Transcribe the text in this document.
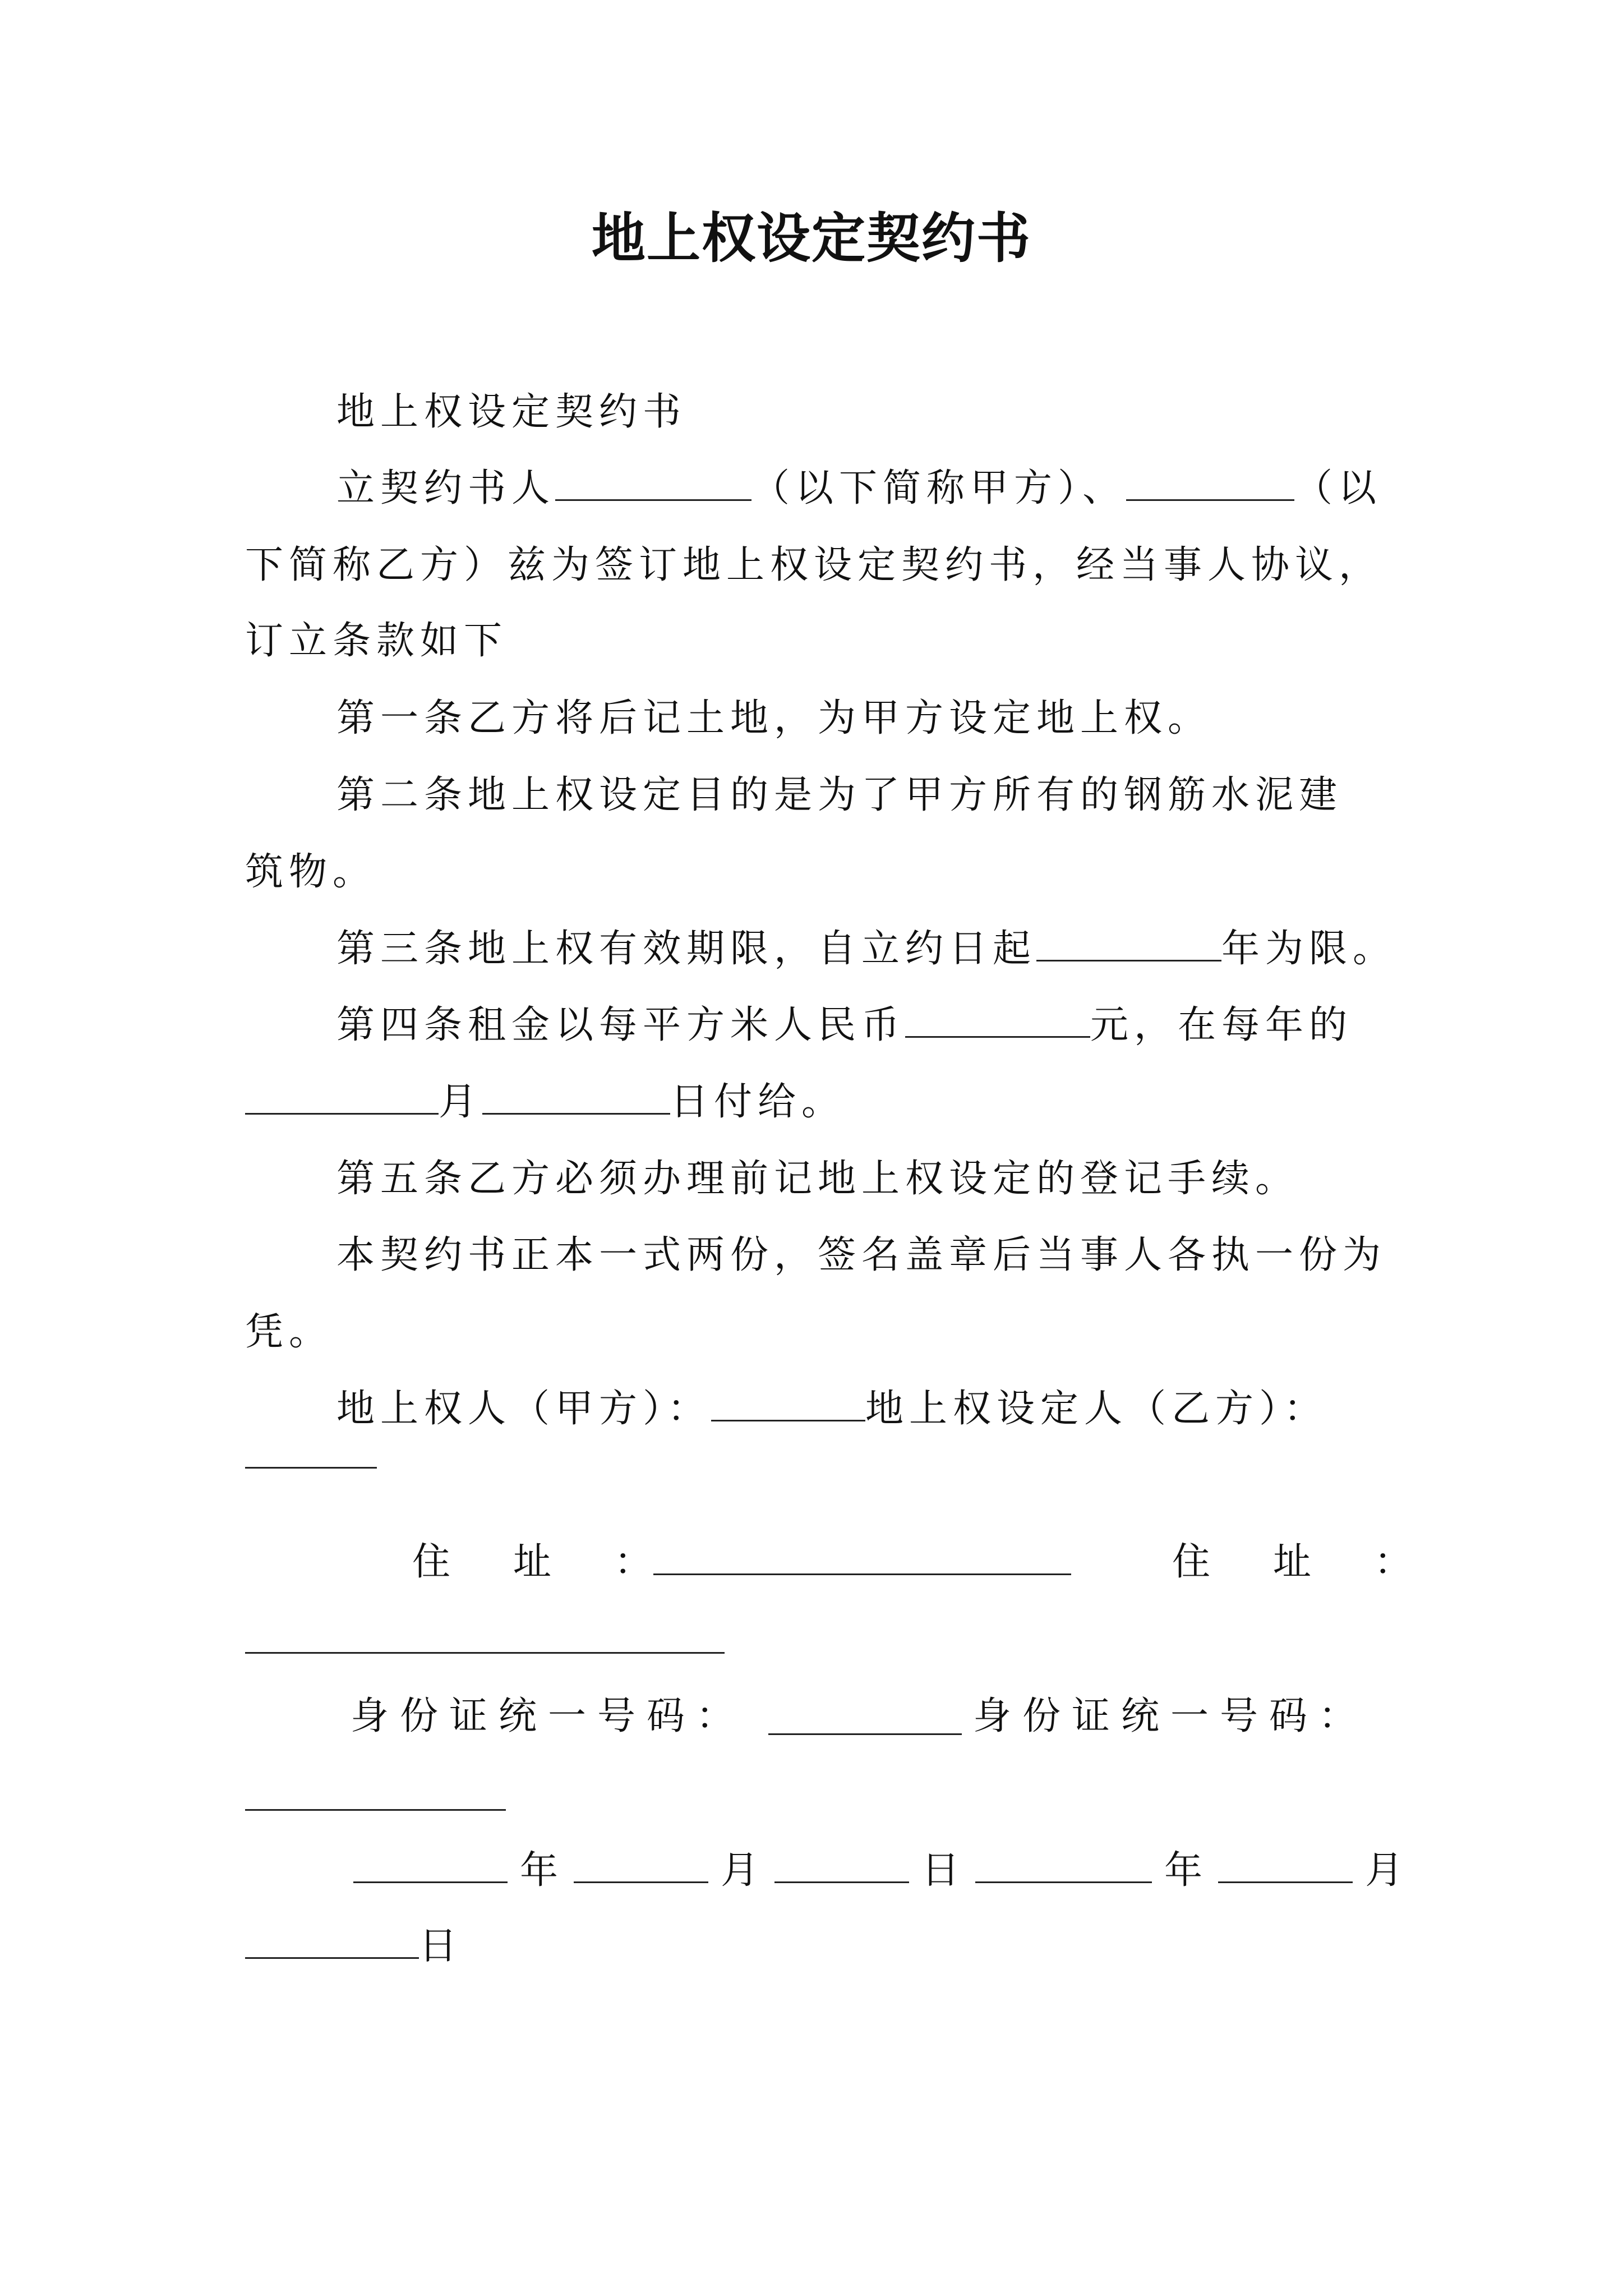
地上权设定契约书
地上权设定契约书
立契约书人	（以下简称甲方）、	（以
下简称乙方）兹为签订地上权设定契约书，经当事人协议，
订立条款如下
第一条乙方将后记土地，为甲方设定地上权。
第二条地上权设定目的是为了甲方所有的钢筋水泥建
筑物。
第三条地上权有效期限，自立约日起	年为限。
第四条租金以每平方米人民币	元，在每年的
月	日付给。
第五条乙方必须办理前记地上权设定的登记手续。
本契约书正本一式两份，签名盖章后当事人各执一份为
凭。
地上权人（甲方）：	地上权设定人（乙方）：
住　址　：	住　址　：
身份证统一号码：	身份证统一号码：
年	月	日	年	月
日
